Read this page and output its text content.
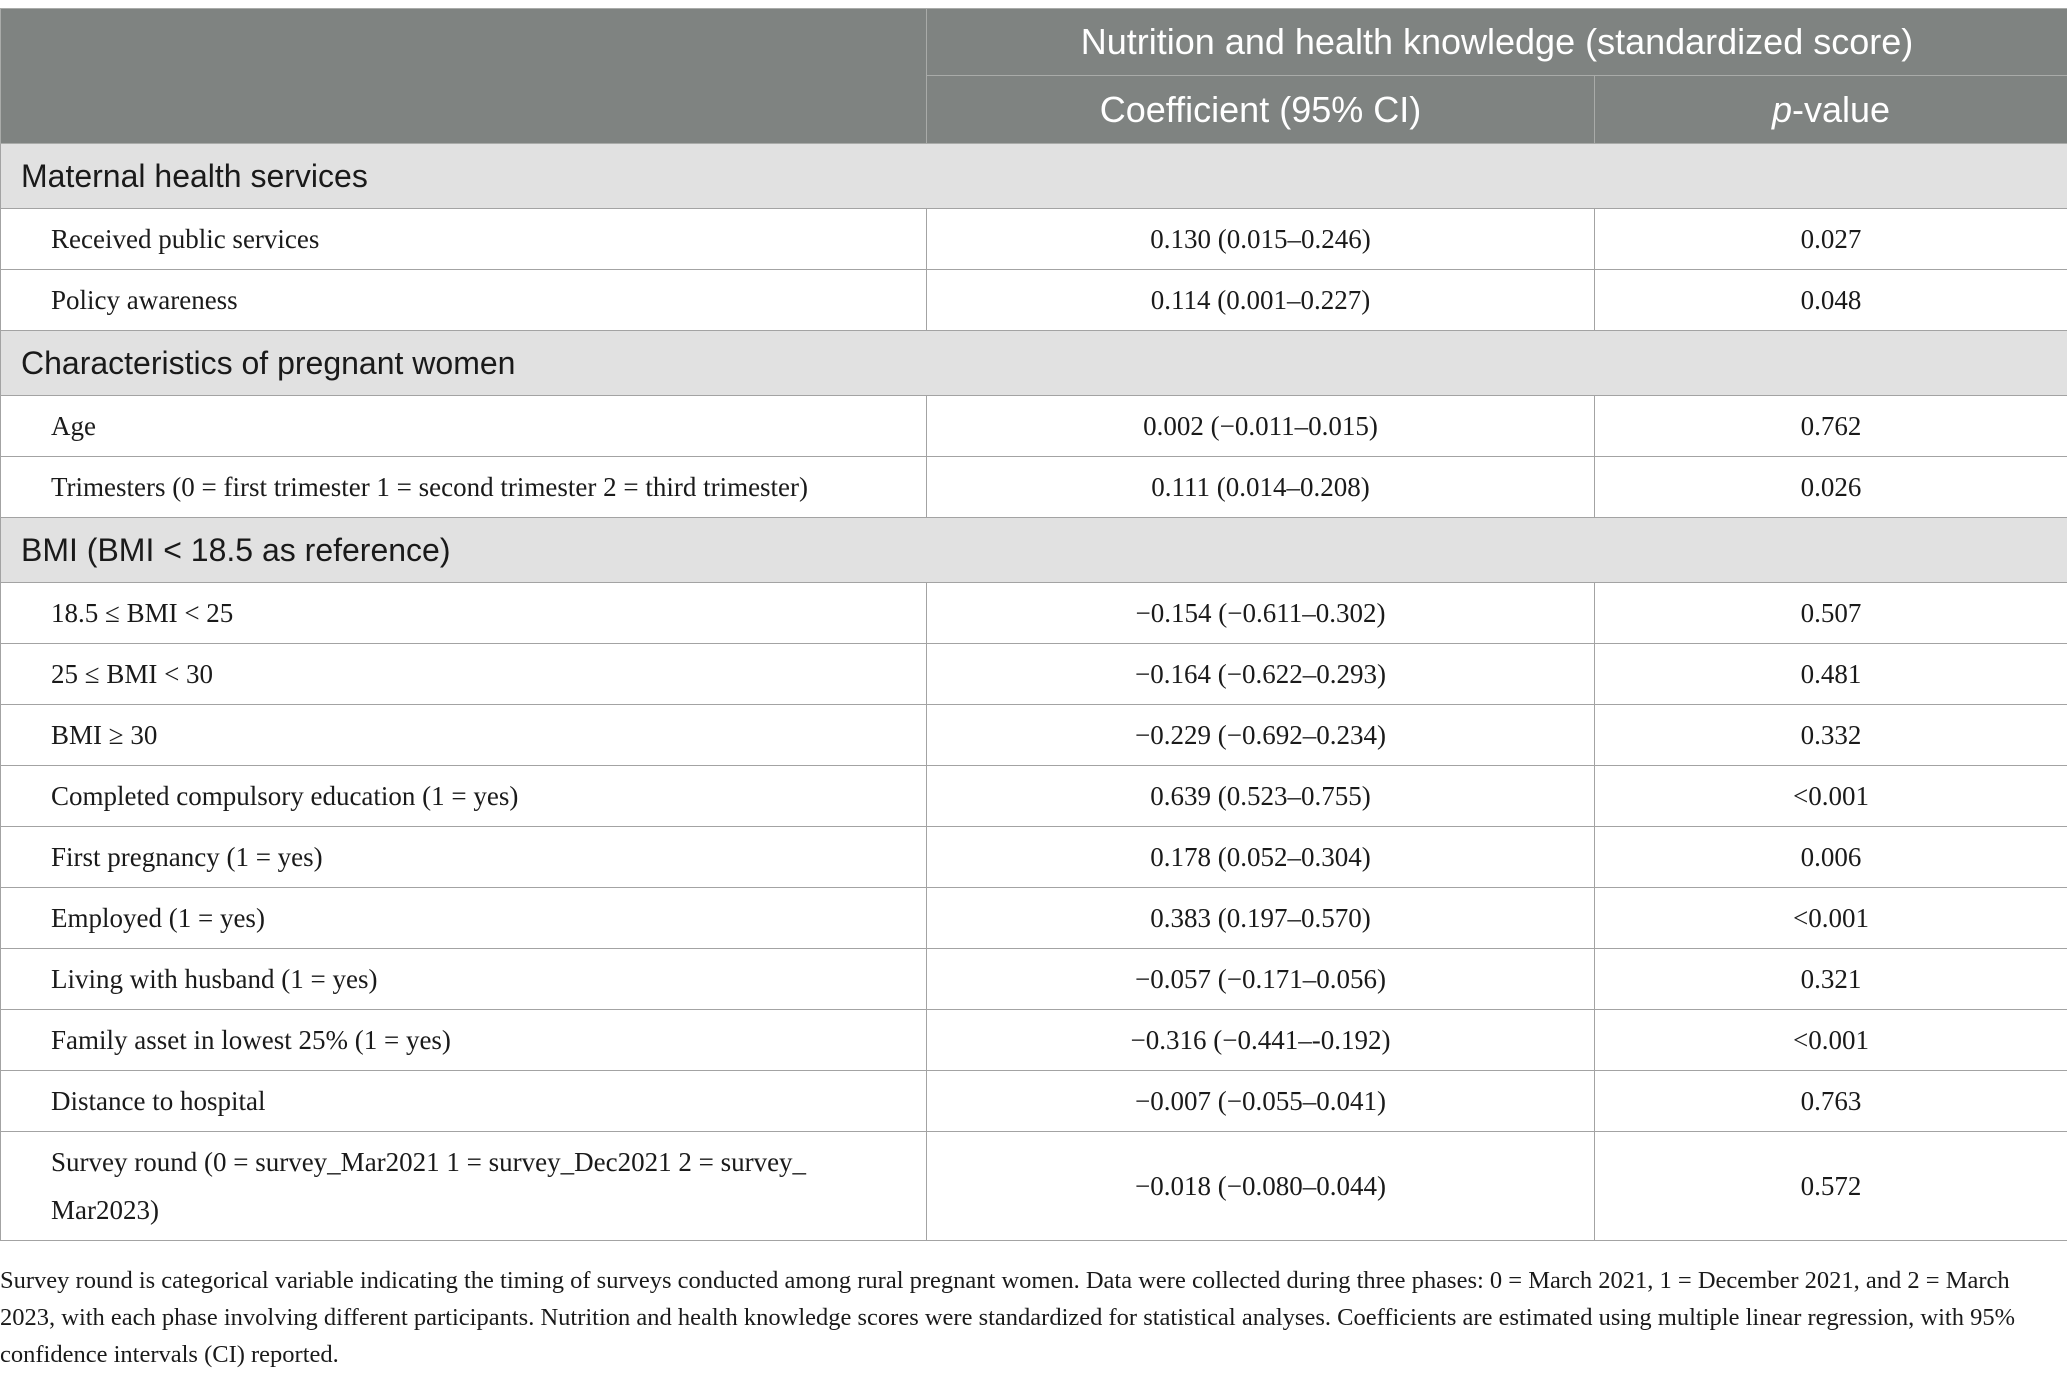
	Nutrition and health knowledge (standardized score)	
	Coefficient (95% CI)	p-value
Maternal health services		
Received public services	0.130 (0.015–0.246)	0.027
Policy awareness	0.114 (0.001–0.227)	0.048
Characteristics of pregnant women		
Age	0.002 (−0.011–0.015)	0.762
Trimesters (0 = first trimester 1 = second trimester 2 = third trimester)	0.111 (0.014–0.208)	0.026
BMI (BMI < 18.5 as reference)		
18.5 ≤ BMI < 25	−0.154 (−0.611–0.302)	0.507
25 ≤ BMI < 30	−0.164 (−0.622–0.293)	0.481
BMI ≥ 30	−0.229 (−0.692–0.234)	0.332
Completed compulsory education (1 = yes)	0.639 (0.523–0.755)	<0.001
First pregnancy (1 = yes)	0.178 (0.052–0.304)	0.006
Employed (1 = yes)	0.383 (0.197–0.570)	<0.001
Living with husband (1 = yes)	−0.057 (−0.171–0.056)	0.321
Family asset in lowest 25% (1 = yes)	−0.316 (−0.441–-0.192)	<0.001
Distance to hospital	−0.007 (−0.055–0.041)	0.763
Survey round (0 = survey_Mar2021 1 = survey_Dec2021 2 = survey_ Mar2023)	−0.018 (−0.080–0.044)	0.572
Survey round is categorical variable indicating the timing of surveys conducted among rural pregnant women. Data were collected during three phases: 0 = March 2021, 1 = December 2021, and 2 = March 2023, with each phase involving different participants. Nutrition and health knowledge scores were standardized for statistical analyses. Coefficients are estimated using multiple linear regression, with 95% confidence intervals (CI) reported.
